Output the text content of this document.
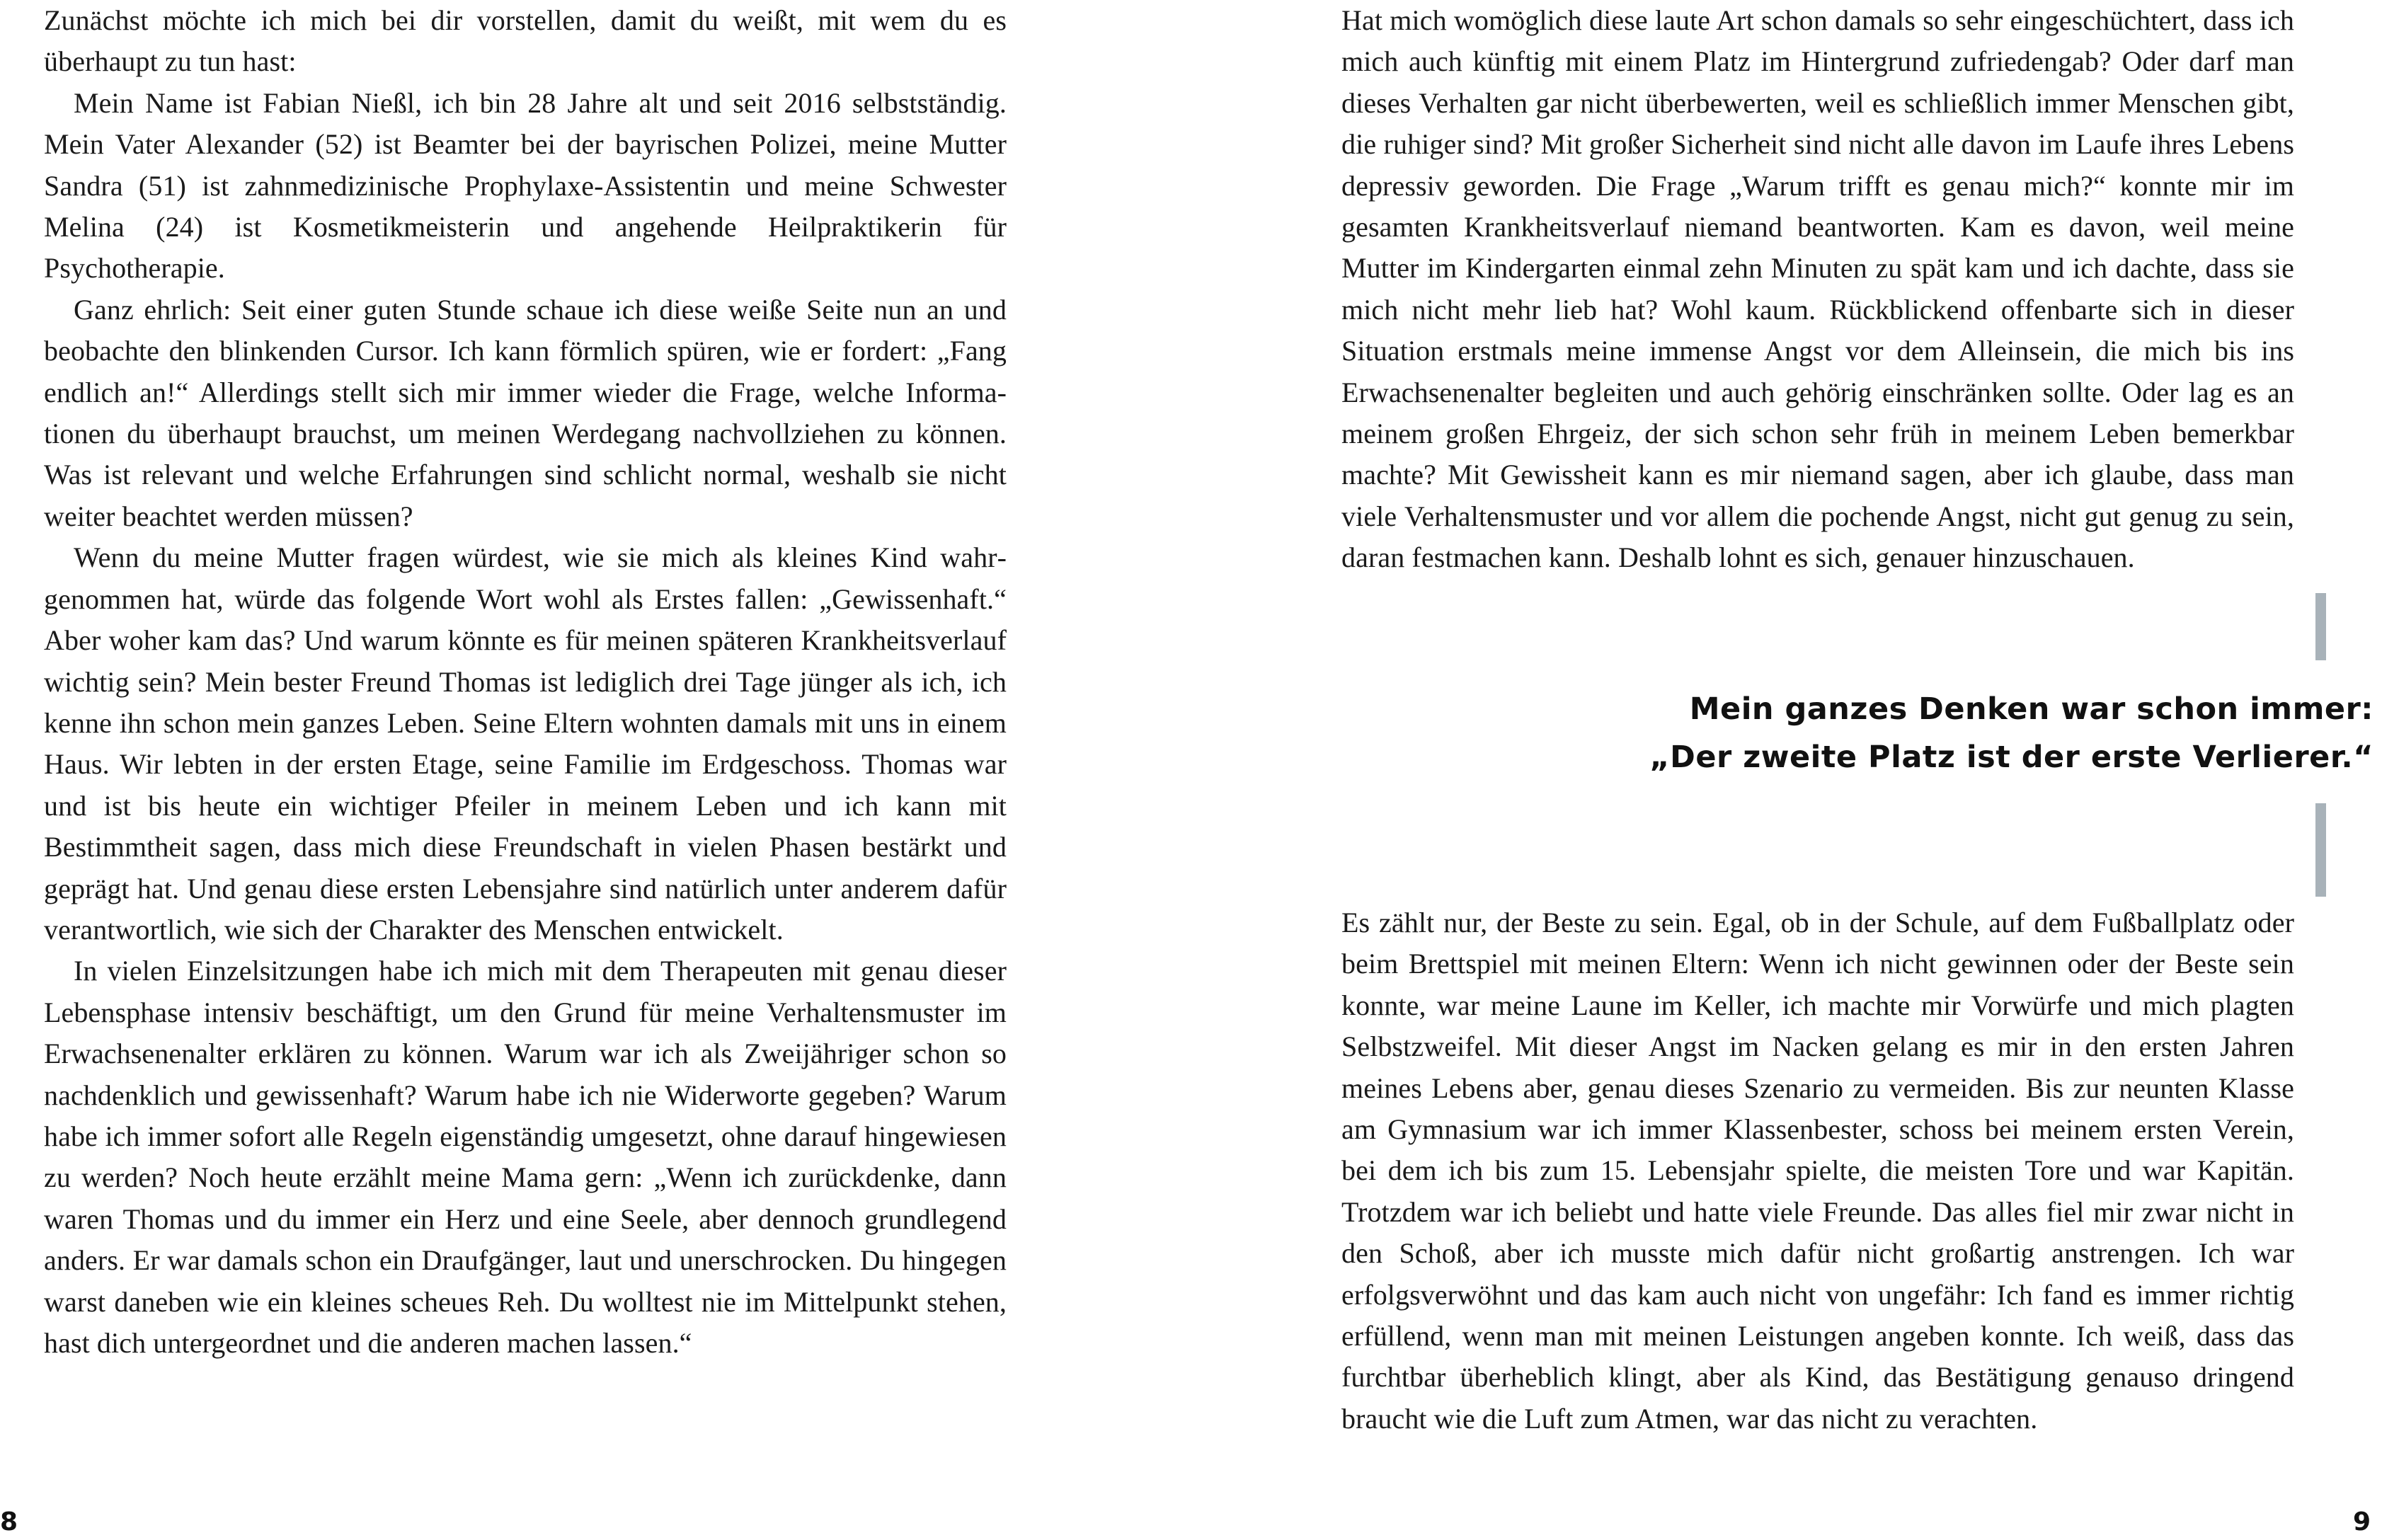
Zunächst möchte ich mich bei dir vorstellen, damit du weißt, mit wem du es überhaupt zu tun hast:

Mein Name ist Fabian Nießl, ich bin 28 Jahre alt und seit 2016 selbstständig. Mein Vater Alexander (52) ist Beamter bei der bayrischen Polizei, meine Mutter Sandra (51) ist zahnmedizinische Prophylaxe-Assistentin und meine Schwester Melina (24) ist Kosmetikmeisterin und angehende Heilpraktikerin für Psychotherapie.

Ganz ehrlich: Seit einer guten Stunde schaue ich diese weiße Seite nun an und beobachte den blinkenden Cursor. Ich kann förmlich spüren, wie er fordert: „Fang endlich an!“ Allerdings stellt sich mir immer wieder die Frage, welche Informationen du überhaupt brauchst, um meinen Werdegang nachvollziehen zu können. Was ist relevant und welche Erfahrungen sind schlicht normal, weshalb sie nicht weiter beachtet werden müssen?

Wenn du meine Mutter fragen würdest, wie sie mich als kleines Kind wahrgenommen hat, würde das folgende Wort wohl als Erstes fallen: „Gewissenhaft.“ Aber woher kam das? Und warum könnte es für meinen späteren Krankheitsverlauf wichtig sein? Mein bester Freund Thomas ist lediglich drei Tage jünger als ich, ich kenne ihn schon mein ganzes Leben. Seine Eltern wohnten damals mit uns in einem Haus. Wir lebten in der ersten Etage, seine Familie im Erdgeschoss. Thomas war und ist bis heute ein wichtiger Pfeiler in meinem Leben und ich kann mit Bestimmtheit sagen, dass mich diese Freundschaft in vielen Phasen bestärkt und geprägt hat. Und genau diese ersten Lebensjahre sind natürlich unter anderem dafür verantwortlich, wie sich der Charakter des Menschen entwickelt.

In vielen Einzelsitzungen habe ich mich mit dem Therapeuten mit genau dieser Lebensphase intensiv beschäftigt, um den Grund für meine Verhaltensmuster im Erwachsenenalter erklären zu können. Warum war ich als Zweijähriger schon so nachdenklich und gewissenhaft? Warum habe ich nie Widerworte gegeben? Warum habe ich immer sofort alle Regeln eigenständig umgesetzt, ohne darauf hingewiesen zu werden? Noch heute erzählt meine Mama gern: „Wenn ich zurückdenke, dann waren Thomas und du immer ein Herz und eine Seele, aber dennoch grundlegend anders. Er war damals schon ein Draufgänger, laut und unerschrocken. Du hingegen warst daneben wie ein kleines scheues Reh. Du wolltest nie im Mittelpunkt stehen, hast dich untergeordnet und die anderen machen lassen.“

8

Hat mich womöglich diese laute Art schon damals so sehr eingeschüchtert, dass ich mich auch künftig mit einem Platz im Hintergrund zufriedengab? Oder darf man dieses Verhalten gar nicht überbewerten, weil es schließlich immer Menschen gibt, die ruhiger sind? Mit großer Sicherheit sind nicht alle davon im Laufe ihres Lebens depressiv geworden. Die Frage „Warum trifft es genau mich?“ konnte mir im gesamten Krankheitsverlauf niemand beantworten. Kam es davon, weil meine Mutter im Kindergarten einmal zehn Minuten zu spät kam und ich dachte, dass sie mich nicht mehr lieb hat? Wohl kaum. Rückblickend offenbarte sich in dieser Situation erstmals meine immense Angst vor dem Alleinsein, die mich bis ins Erwachsenenalter begleiten und auch gehörig einschränken sollte. Oder lag es an meinem großen Ehrgeiz, der sich schon sehr früh in meinem Leben bemerkbar machte? Mit Gewissheit kann es mir niemand sagen, aber ich glaube, dass man viele Verhaltensmuster und vor allem die pochende Angst, nicht gut genug zu sein, daran festmachen kann. Deshalb lohnt es sich, genauer hinzuschauen.

Mein ganzes Denken war schon immer:
„Der zweite Platz ist der erste Verlierer.“

Es zählt nur, der Beste zu sein. Egal, ob in der Schule, auf dem Fußballplatz oder beim Brettspiel mit meinen Eltern: Wenn ich nicht gewinnen oder der Beste sein konnte, war meine Laune im Keller, ich machte mir Vorwürfe und mich plagten Selbstzweifel. Mit dieser Angst im Nacken gelang es mir in den ersten Jahren meines Lebens aber, genau dieses Szenario zu vermeiden. Bis zur neunten Klasse am Gymnasium war ich immer Klassenbester, schoss bei meinem ersten Verein, bei dem ich bis zum 15. Lebensjahr spielte, die meisten Tore und war Kapitän. Trotzdem war ich beliebt und hatte viele Freunde. Das alles fiel mir zwar nicht in den Schoß, aber ich musste mich dafür nicht großartig anstrengen. Ich war erfolgsverwöhnt und das kam auch nicht von ungefähr: Ich fand es immer richtig erfüllend, wenn man mit meinen Leistungen angeben konnte. Ich weiß, dass das furchtbar überheblich klingt, aber als Kind, das Bestätigung genauso dringend braucht wie die Luft zum Atmen, war das nicht zu verachten.

9
